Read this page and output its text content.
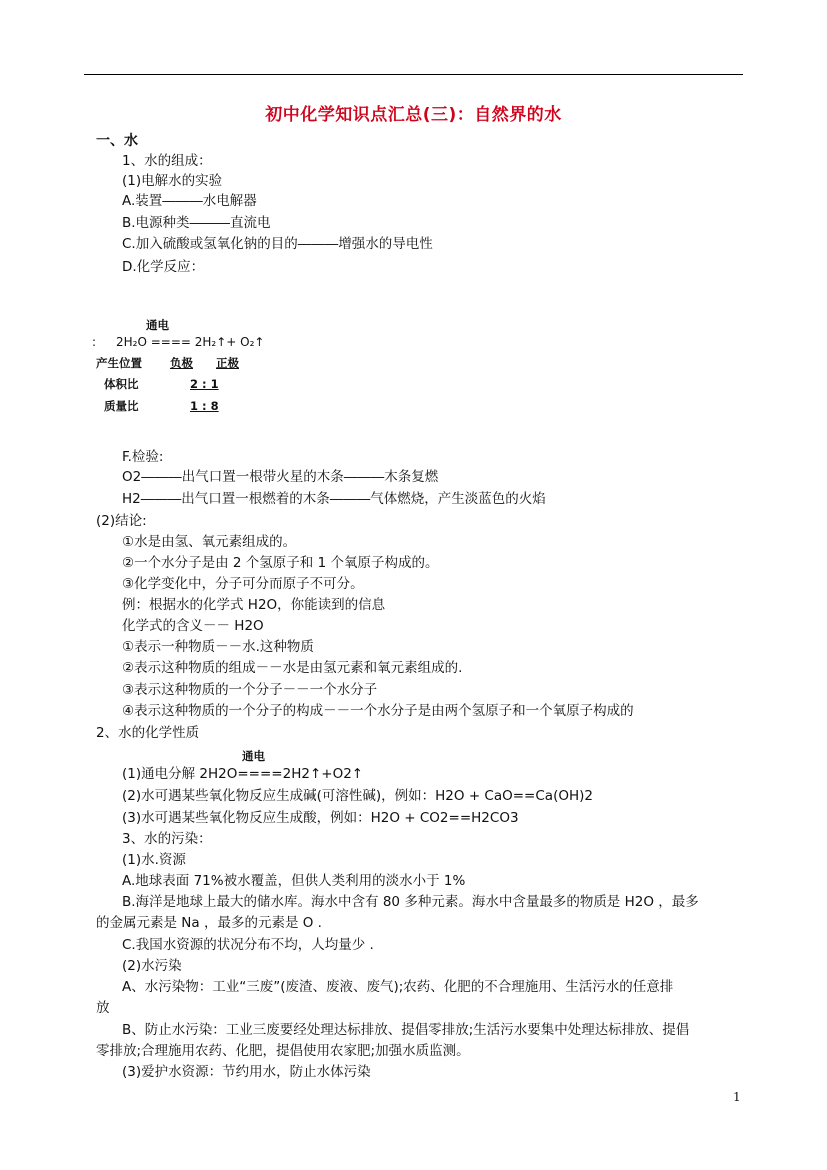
初中化学知识点汇总(三)：自然界的水
一、水
1、水的组成：
(1)电解水的实验
A.装置―――水电解器
B.电源种类―――直流电
C.加入硫酸或氢氧化钠的目的―――增强水的导电性
D.化学反应：
通电
: 2H₂O ==== 2H₂↑+ O₂↑
产生位置 负极 正极
体积比	2 : 1
质量比	1 : 8
F.检验:
O2―――出气口置一根带火星的木条―――木条复燃
H2―――出气口置一根燃着的木条―――气体燃烧，产生淡蓝色的火焰
(2)结论:
①水是由氢、氧元素组成的。
②一个水分子是由 2 个氢原子和 1 个氧原子构成的。
③化学变化中，分子可分而原子不可分。
例：根据水的化学式 H2O，你能读到的信息
化学式的含义－－ H2O
①表示一种物质－－水.这种物质
②表示这种物质的组成－－水是由氢元素和氧元素组成的.
③表示这种物质的一个分子－－一个水分子
④表示这种物质的一个分子的构成－－一个水分子是由两个氢原子和一个氧原子构成的
2、水的化学性质
通电
(1)通电分解 2H2O====2H2↑+O2↑
(2)水可遇某些氧化物反应生成碱(可溶性碱)，例如：H2O + CaO==Ca(OH)2
(3)水可遇某些氧化物反应生成酸，例如：H2O + CO2==H2CO3
3、水的污染：
(1)水.资源
A.地球表面 71%被水覆盖，但供人类利用的淡水小于 1%
B.海洋是地球上最大的储水库。海水中含有 80 多种元素。海水中含量最多的物质是 H2O ，最多
的金属元素是 Na ，最多的元素是 O .
C.我国水资源的状况分布不均，人均量少 .
(2)水污染
A、水污染物：工业“三废”(废渣、废液、废气);农药、化肥的不合理施用、生活污水的任意排
放
B、防止水污染：工业三废要经处理达标排放、提倡零排放;生活污水要集中处理达标排放、提倡
零排放;合理施用农药、化肥，提倡使用农家肥;加强水质监测。
(3)爱护水资源：节约用水，防止水体污染
1
